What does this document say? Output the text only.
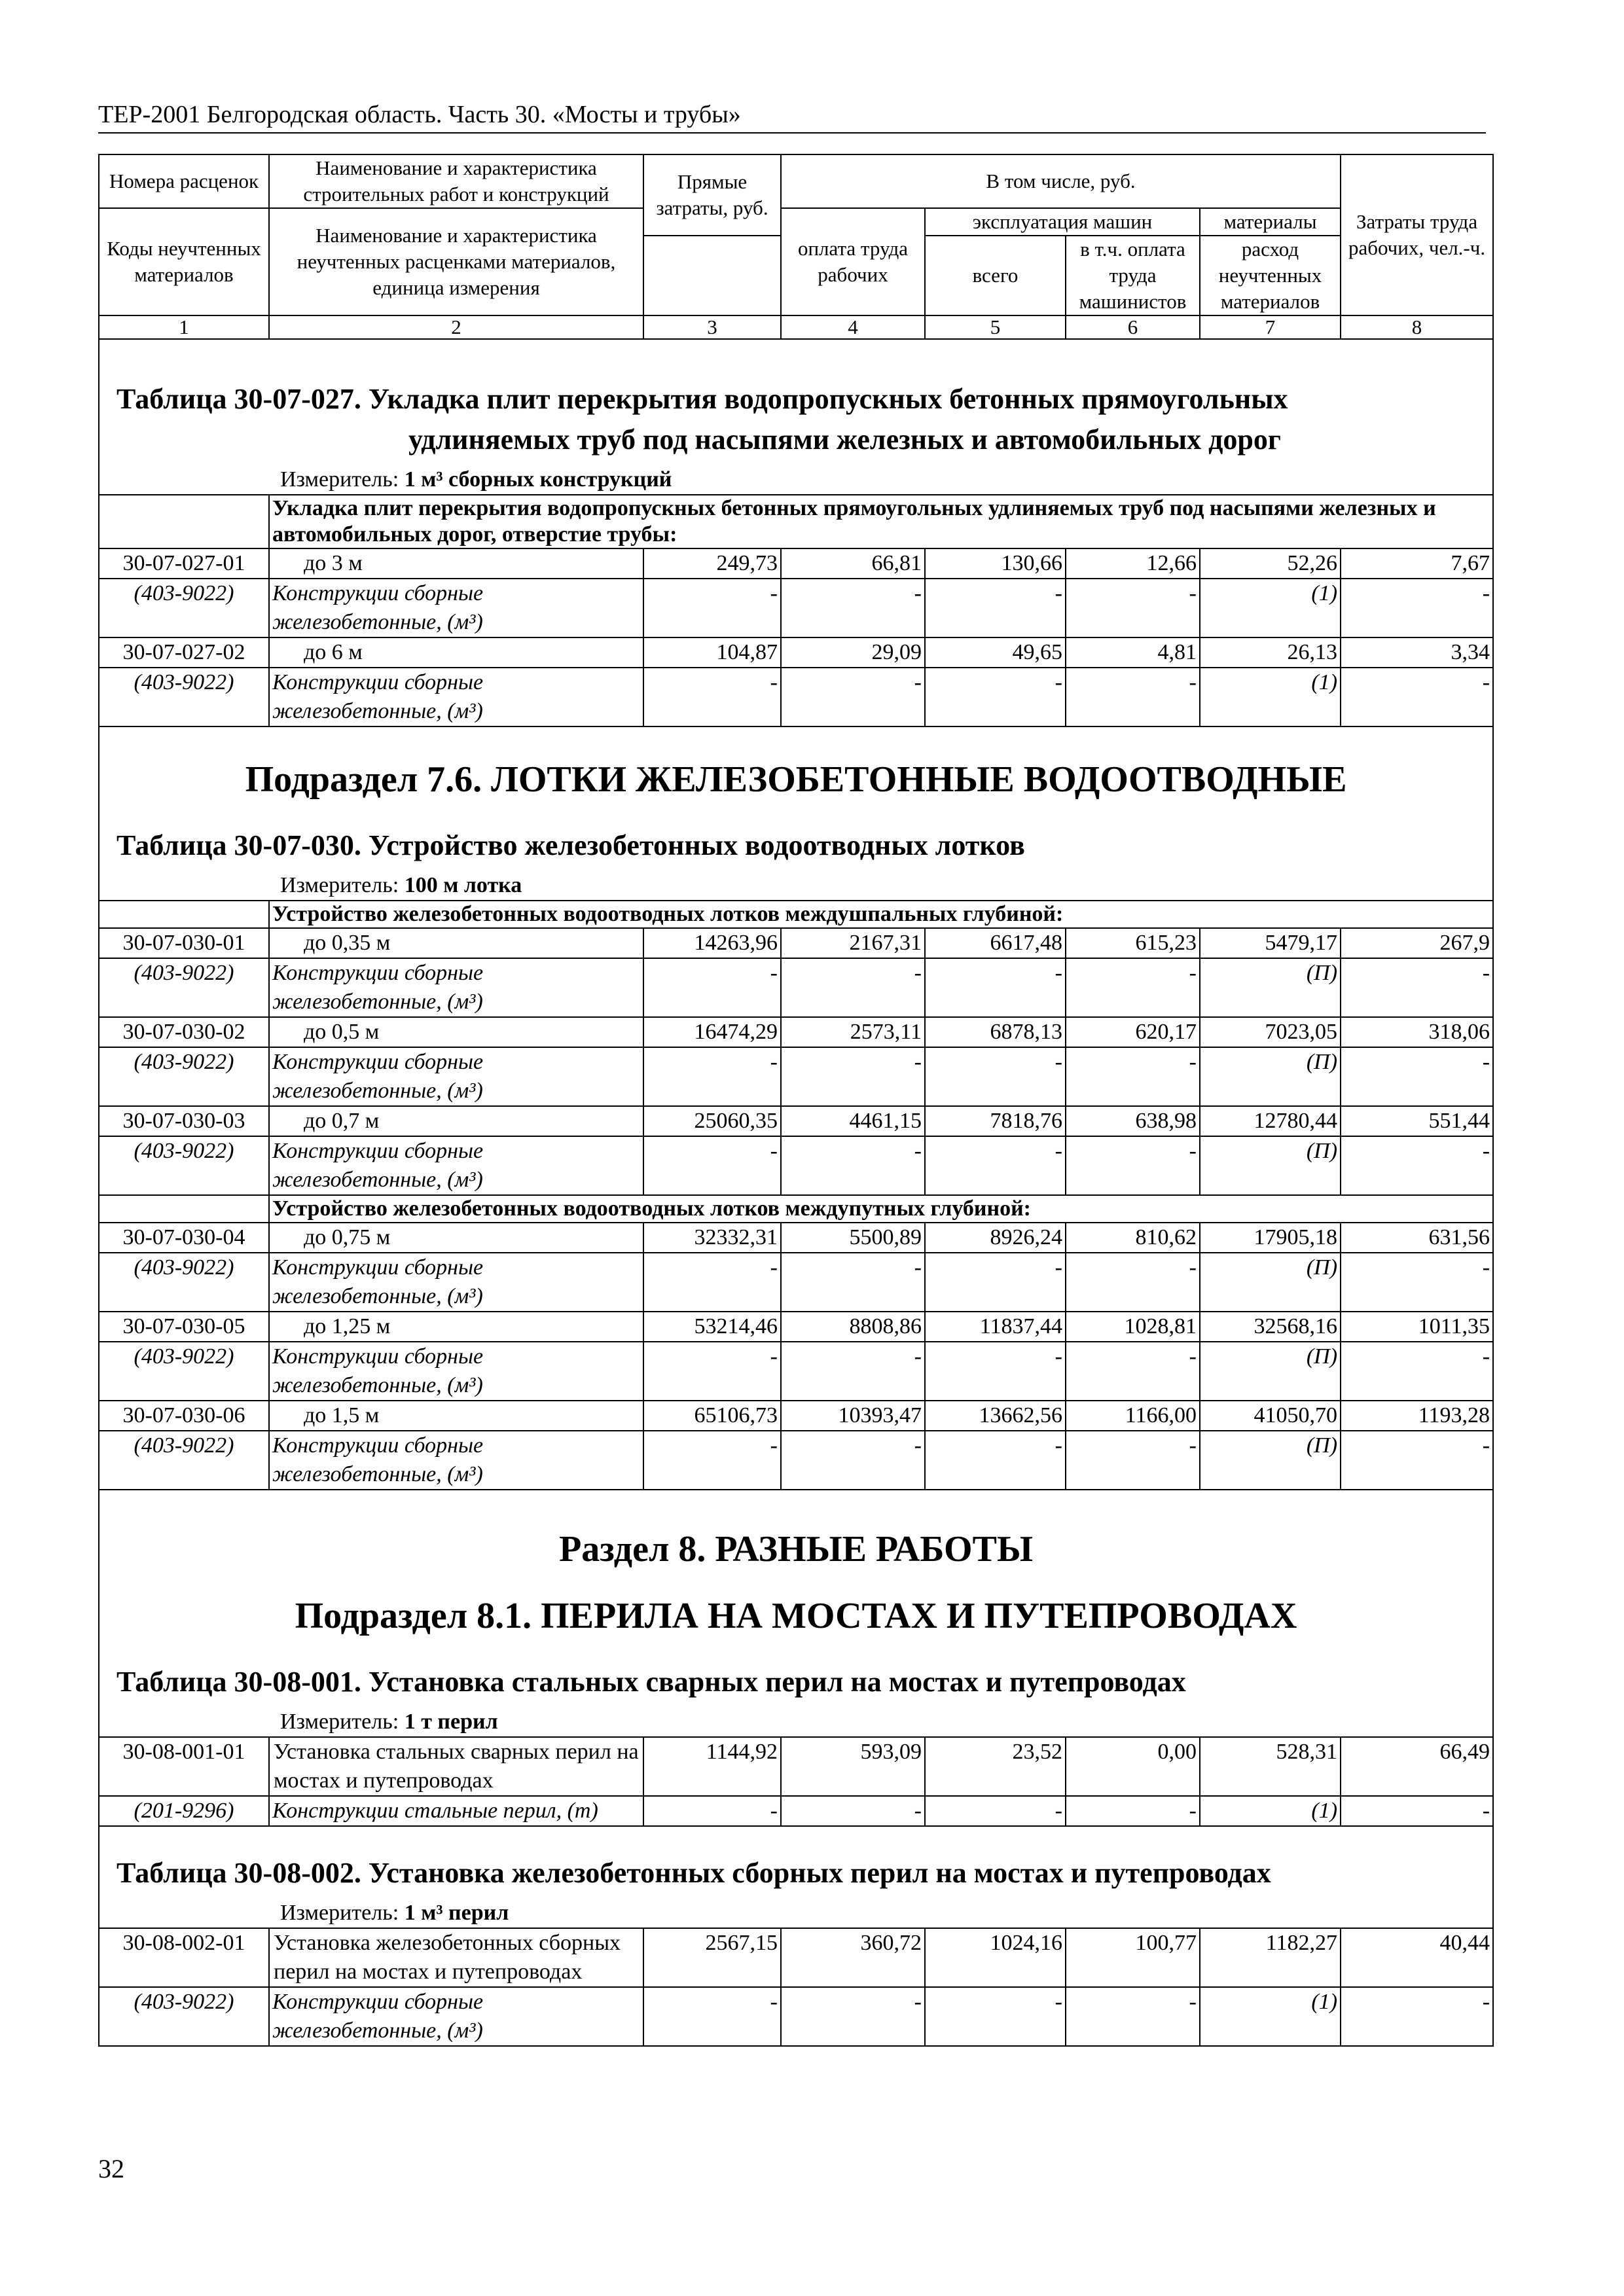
ТЕР-2001 Белгородская область. Часть 30. «Мосты и трубы»
Номера расценок	Наименование и характеристика строительных работ и конструкций	Прямые затраты, руб.	В том числе, руб.				Затраты труда рабочих, чел.-ч.
Коды неучтенных материалов	Наименование и характеристика неучтенных расценками материалов, единица измерения		оплата труда рабочих	эксплуатация машин		материалы	
				всего	в т.ч. оплата труда машинистов	расход неучтенных материалов	

1	2	3	4	5	6	7	8
Таблица 30-07-027. Укладка плит перекрытия водопропускных бетонных прямоугольных
удлиняемых труб под насыпями железных и автомобильных дорог							

Измеритель: 1 м³ сборных конструкций							
	Укладка плит перекрытия водопропускных бетонных прямоугольных удлиняемых труб под насыпями железных и автомобильных дорог, отверстие трубы:						
30-07-027-01	до 3 м	249,73	66,81	130,66	12,66	52,26	7,67
(403-9022)	Конструкции сборные железобетонные, (м³)	-	-	-	-	(1)	-
30-07-027-02	до 6 м	104,87	29,09	49,65	4,81	26,13	3,34
(403-9022)	Конструкции сборные железобетонные, (м³)	-	-	-	-	(1)	-
Подраздел 7.6. ЛОТКИ ЖЕЛЕЗОБЕТОННЫЕ ВОДООТВОДНЫЕ							
Таблица 30-07-030. Устройство железобетонных водоотводных лотков							
Измеритель: 100 м лотка							
	Устройство железобетонных водоотводных лотков междушпальных глубиной:						
30-07-030-01	до 0,35 м	14263,96	2167,31	6617,48	615,23	5479,17	267,9
(403-9022)	Конструкции сборные железобетонные, (м³)	-	-	-	-	(П)	-
30-07-030-02	до 0,5 м	16474,29	2573,11	6878,13	620,17	7023,05	318,06
(403-9022)	Конструкции сборные железобетонные, (м³)	-	-	-	-	(П)	-
30-07-030-03	до 0,7 м	25060,35	4461,15	7818,76	638,98	12780,44	551,44
(403-9022)	Конструкции сборные железобетонные, (м³)	-	-	-	-	(П)	-
	Устройство железобетонных водоотводных лотков междупутных глубиной:						
30-07-030-04	до 0,75 м	32332,31	5500,89	8926,24	810,62	17905,18	631,56
(403-9022)	Конструкции сборные железобетонные, (м³)	-	-	-	-	(П)	-
30-07-030-05	до 1,25 м	53214,46	8808,86	11837,44	1028,81	32568,16	1011,35
(403-9022)	Конструкции сборные железобетонные, (м³)	-	-	-	-	(П)	-
30-07-030-06	до 1,5 м	65106,73	10393,47	13662,56	1166,00	41050,70	1193,28
(403-9022)	Конструкции сборные железобетонные, (м³)	-	-	-	-	(П)	-
Раздел 8. РАЗНЫЕ РАБОТЫ							
Подраздел 8.1. ПЕРИЛА НА МОСТАХ И ПУТЕПРОВОДАХ							
Таблица 30-08-001. Установка стальных сварных перил на мостах и путепроводах							
Измеритель: 1 т перил							
30-08-001-01	Установка стальных сварных перил на мостах и путепроводах	1144,92	593,09	23,52	0,00	528,31	66,49
(201-9296)	Конструкции стальные перил, (т)	-	-	-	-	(1)	-
Таблица 30-08-002. Установка железобетонных сборных перил на мостах и путепроводах							
Измеритель: 1 м³ перил							
30-08-002-01	Установка железобетонных сборных перил на мостах и путепроводах	2567,15	360,72	1024,16	100,77	1182,27	40,44
(403-9022)	Конструкции сборные железобетонные, (м³)	-	-	-	-	(1)	-
32
